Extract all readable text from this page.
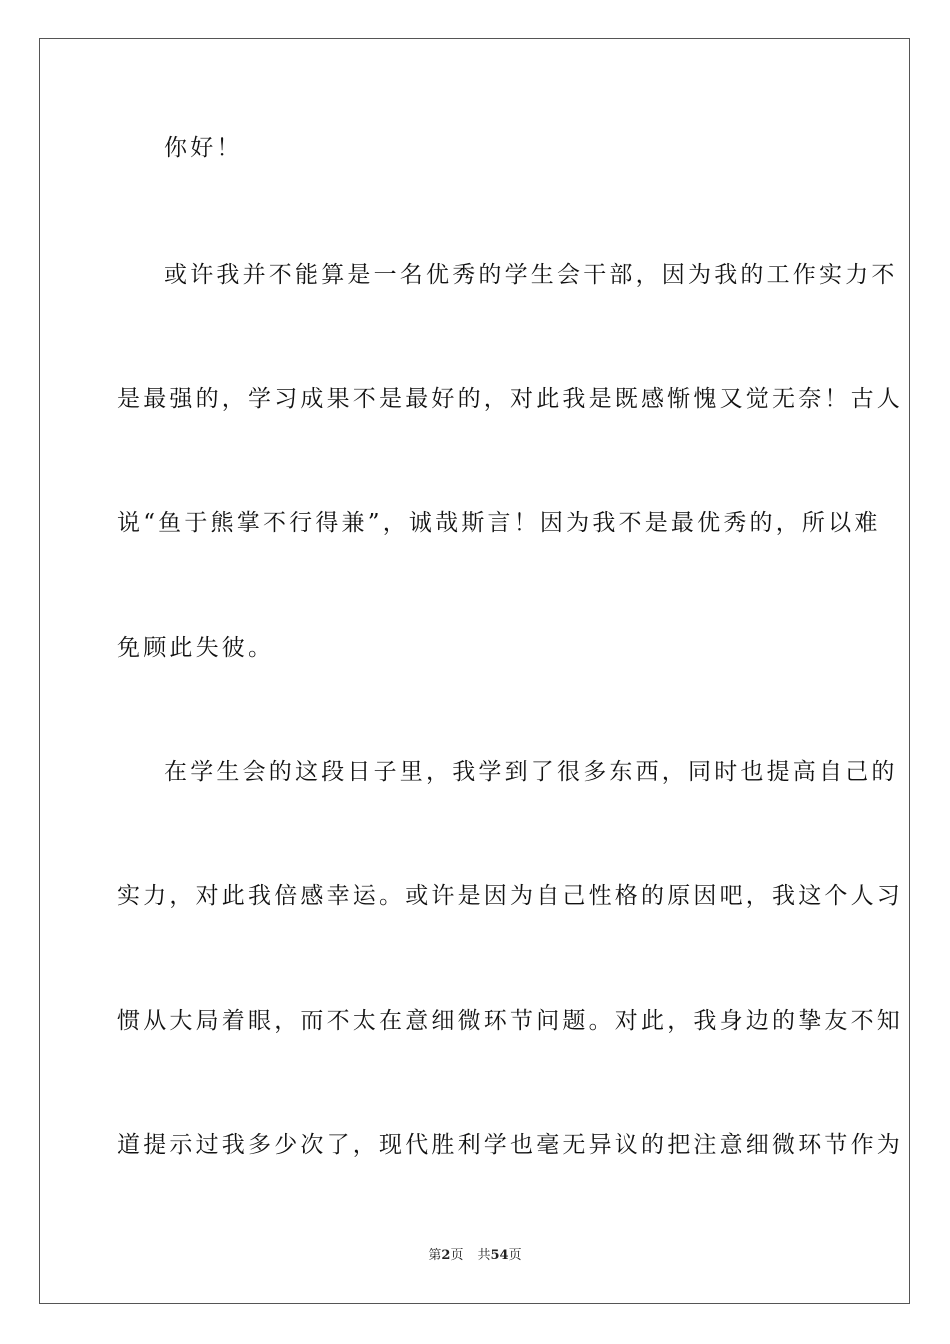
你好！
或许我并不能算是一名优秀的学生会干部，因为我的工作实力不
是最强的，学习成果不是最好的，对此我是既感惭愧又觉无奈！古人
说“鱼于熊掌不行得兼”，诚哉斯言！因为我不是最优秀的，所以难
免顾此失彼。
在学生会的这段日子里，我学到了很多东西，同时也提高自己的
实力，对此我倍感幸运。或许是因为自己性格的原因吧，我这个人习
惯从大局着眼，而不太在意细微环节问题。对此，我身边的挚友不知
道提示过我多少次了，现代胜利学也毫无异议的把注意细微环节作为
第2页 共54页
